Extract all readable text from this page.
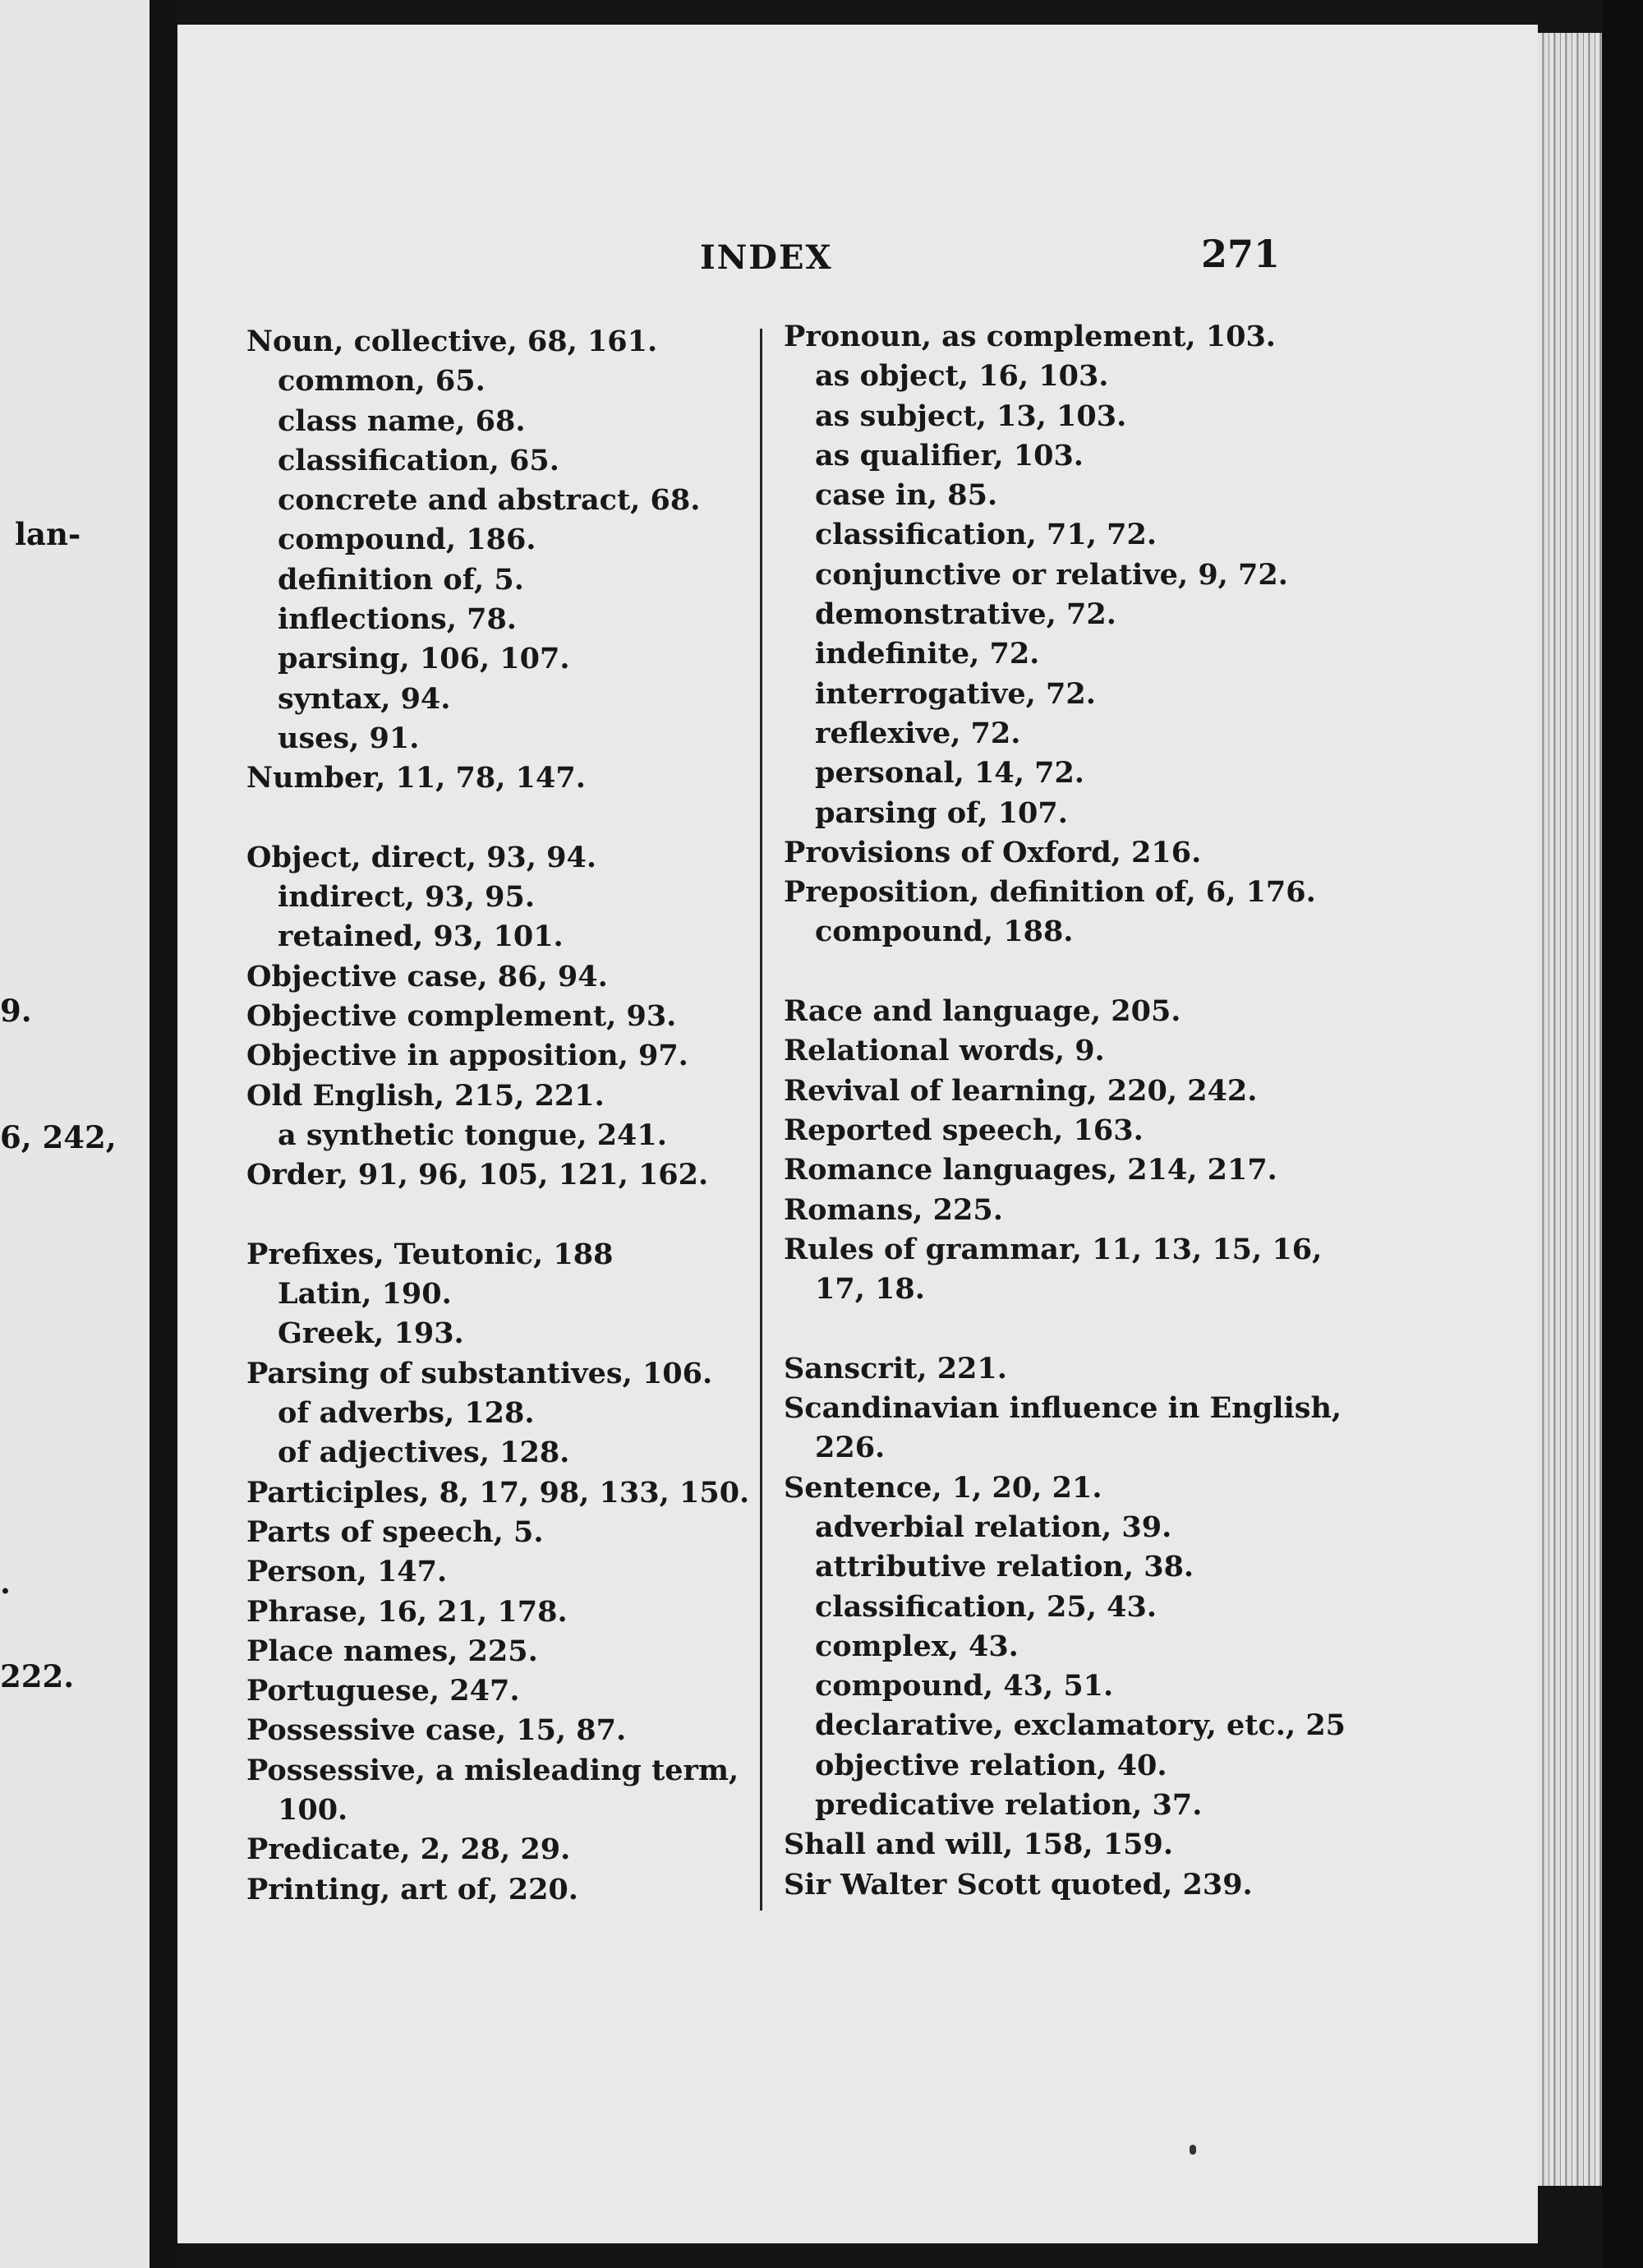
lan-
9.
6, 242,
.
222.
INDEX	271
Noun, collective, 68, 161.
common, 65.
class name, 68.
classification, 65.
concrete and abstract, 68.
compound, 186.
definition of, 5.
inflections, 78.
parsing, 106, 107.
syntax, 94.
uses, 91.
Number, 11, 78, 147.
Object, direct, 93, 94.
indirect, 93, 95.
retained, 93, 101.
Objective case, 86, 94.
Objective complement, 93.
Objective in apposition, 97.
Old English, 215, 221.
a synthetic tongue, 241.
Order, 91, 96, 105, 121, 162.
Prefixes, Teutonic, 188
Latin, 190.
Greek, 193.
Parsing of substantives, 106.
of adverbs, 128.
of adjectives, 128.
Participles, 8, 17, 98, 133, 150.
Parts of speech, 5.
Person, 147.
Phrase, 16, 21, 178.
Place names, 225.
Portuguese, 247.
Possessive case, 15, 87.
Possessive, a misleading term,
100.
Predicate, 2, 28, 29.
Printing, art of, 220.
Pronoun, as complement, 103.
as object, 16, 103.
as subject, 13, 103.
as qualifier, 103.
case in, 85.
classification, 71, 72.
conjunctive or relative, 9, 72.
demonstrative, 72.
indefinite, 72.
interrogative, 72.
reflexive, 72.
personal, 14, 72.
parsing of, 107.
Provisions of Oxford, 216.
Preposition, definition of, 6, 176.
compound, 188.
Race and language, 205.
Relational words, 9.
Revival of learning, 220, 242.
Reported speech, 163.
Romance languages, 214, 217.
Romans, 225.
Rules of grammar, 11, 13, 15, 16,
17, 18.
Sanscrit, 221.
Scandinavian influence in English,
226.
Sentence, 1, 20, 21.
adverbial relation, 39.
attributive relation, 38.
classification, 25, 43.
complex, 43.
compound, 43, 51.
declarative, exclamatory, etc., 25
objective relation, 40.
predicative relation, 37.
Shall and will, 158, 159.
Sir Walter Scott quoted, 239.
